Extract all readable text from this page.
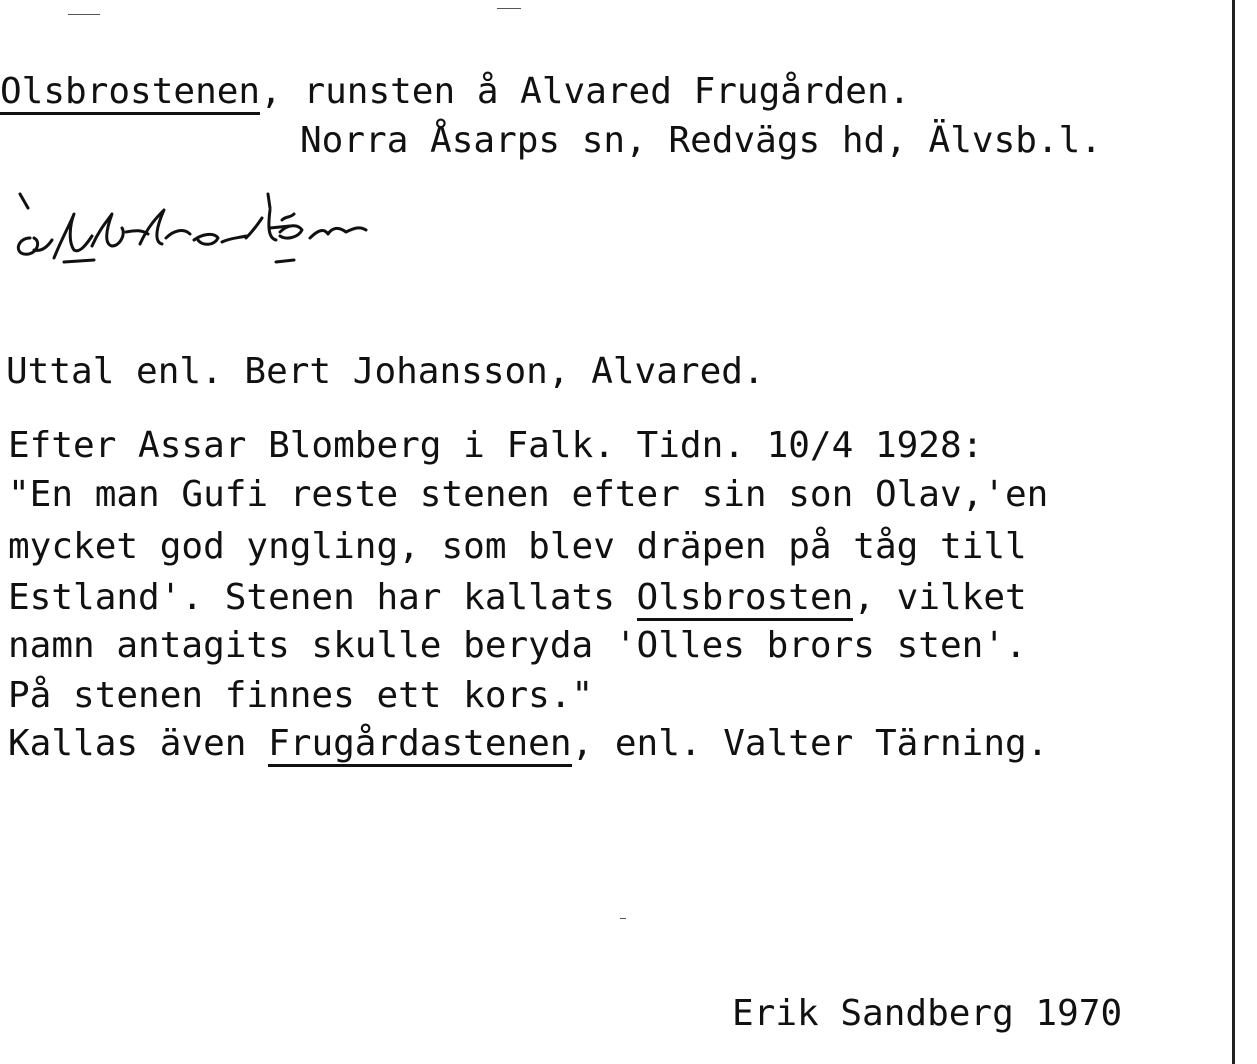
Olsbrostenen, runsten å Alvared Frugården.
Norra Åsarps sn, Redvägs hd, Älvsb.l.
Uttal enl. Bert Johansson, Alvared.
Efter Assar Blomberg i Falk. Tidn. 10/4 1928:
"En man Gufi reste stenen efter sin son Olav,'en
mycket god yngling, som blev dräpen på tåg till
Estland'. Stenen har kallats Olsbrosten, vilket
namn antagits skulle beryda 'Olles brors sten'.
På stenen finnes ett kors."
Kallas även Frugårdastenen, enl. Valter Tärning.
Erik Sandberg 1970
